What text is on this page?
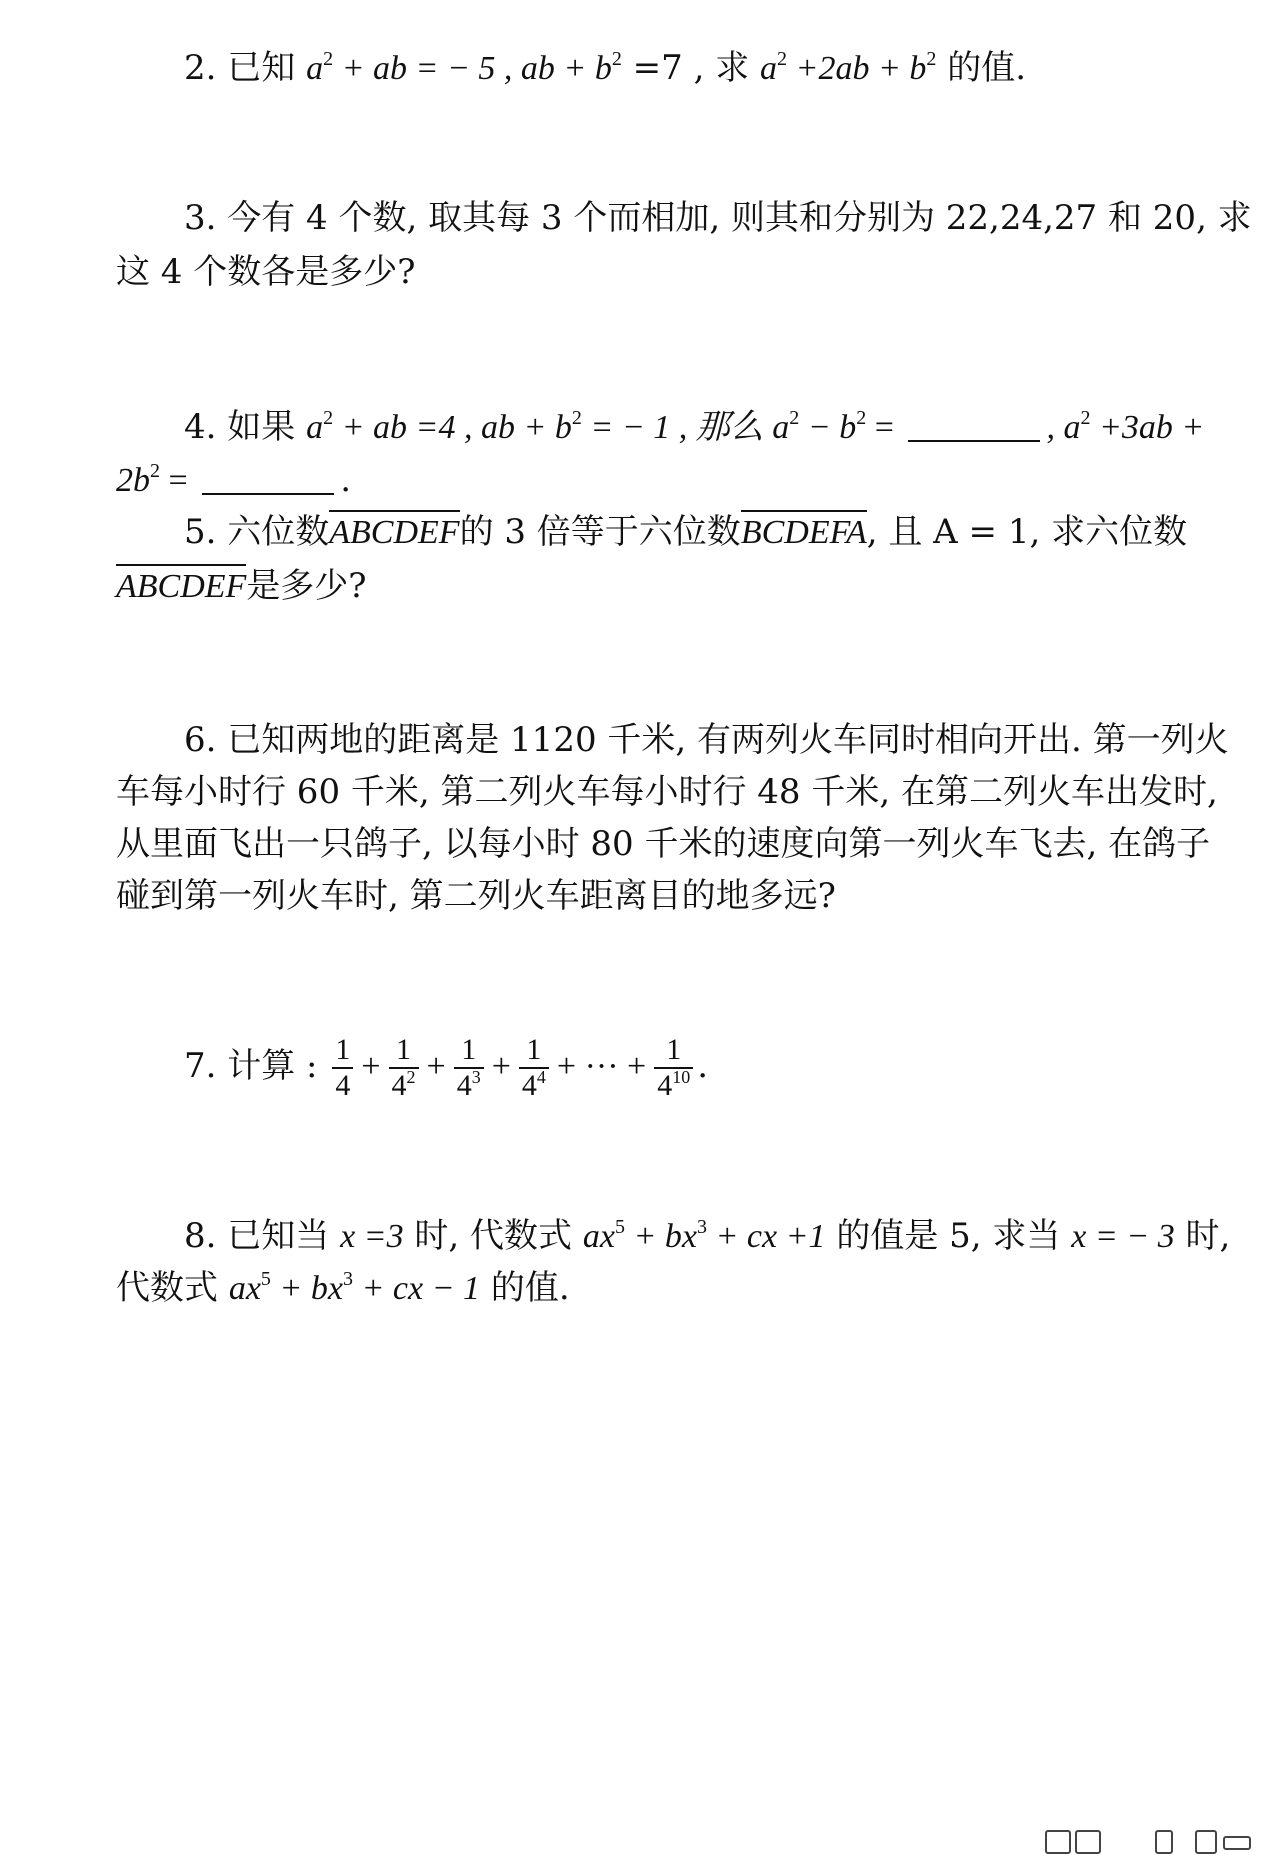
2. 已知 $a^2$ + ab = − 5 , ab + $b^2 =7$ , 求 $a^2 +2ab + b^2$ 的值.
3. 今有 4 个数, 取其每 3 个而相加, 则其和分别为 22,24,27 和 20, 求
这 4 个数各是多少?
4. 如果 $a^2$ + ab =4 , ab + $b^2$ = − 1 , 那么 $a^2 - b^2$ =	, $a^2 +3ab$ +
$2b^2$ =	.
5. 六位数ABCDEF的 3 倍等于六位数BCDEFA, 且 A = 1, 求六位数
ABCDEF是多少?
6. 已知两地的距离是 1120 千米, 有两列火车同时相向开出. 第一列火
车每小时行 60 千米, 第二列火车每小时行 48 千米, 在第二列火车出发时,
从里面飞出一只鸽子, 以每小时 80 千米的速度向第一列火车飞去, 在鸽子
碰到第一列火车时, 第二列火车距离目的地多远?
7. 计算 : $\frac{1}{4} + \frac{1}{4^2} + \frac{1}{4^3} + \frac{1}{4^4}$ + ··· + $\frac{1}{4^{10}}$ .
8. 已知当 x =3 时, 代数式 $ax^5 + bx^3$ + cx +1 的值是 5, 求当 x = − 3 时,
代数式 $ax^5 + bx^3$ + cx − 1 的值.
